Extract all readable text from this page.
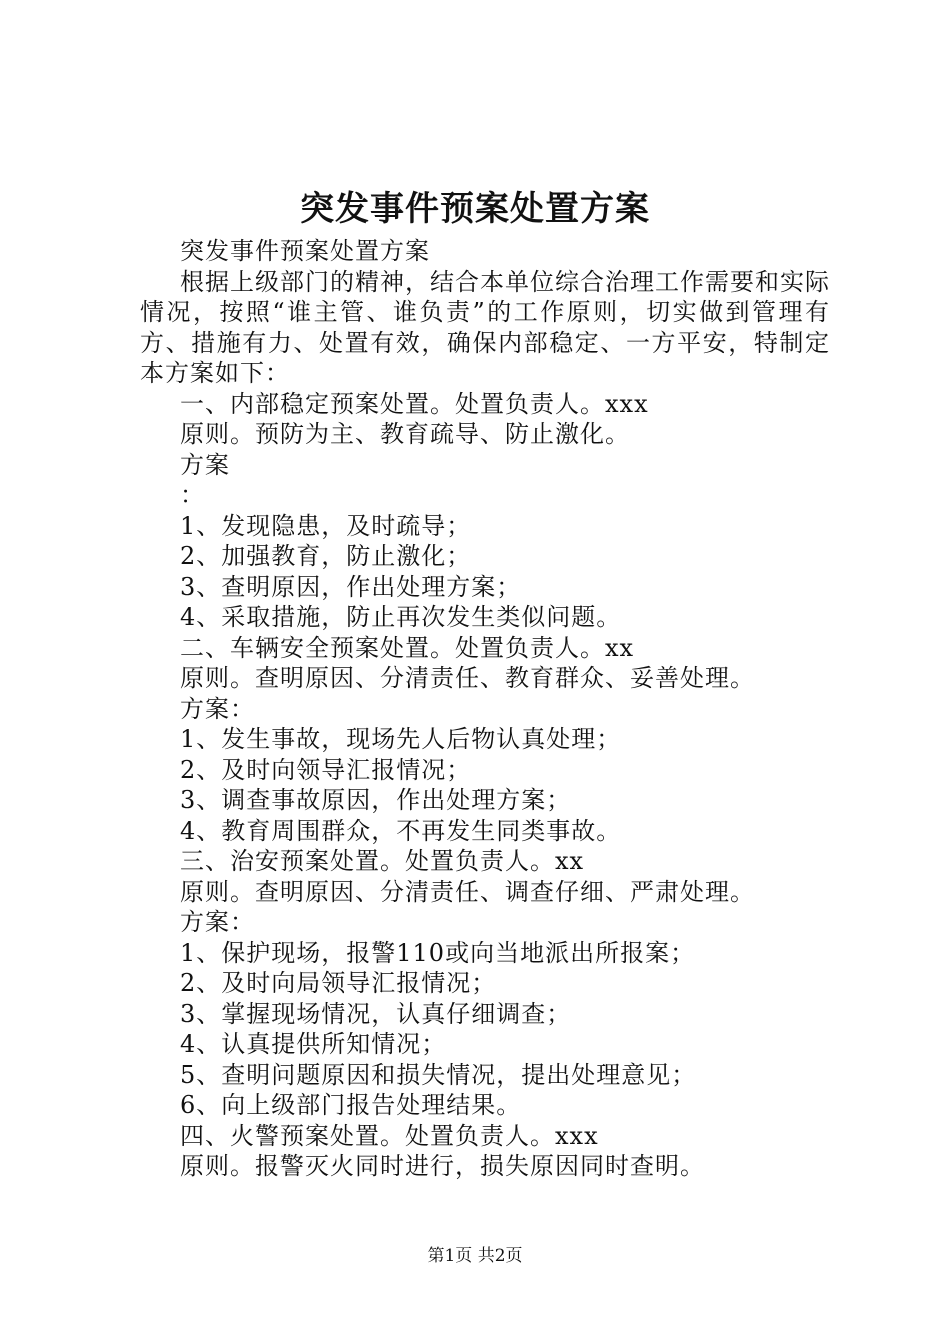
突发事件预案处置方案
突发事件预案处置方案
根据上级部门的精神，结合本单位综合治理工作需要和实际情况，按照“谁主管、谁负责”的工作原则，切实做到管理有方、措施有力、处置有效，确保内部稳定、一方平安，特制定本方案如下：
一、内部稳定预案处置。处置负责人。xxx
原则。预防为主、教育疏导、防止激化。
方案
：
1、发现隐患，及时疏导；
2、加强教育，防止激化；
3、查明原因，作出处理方案；
4、采取措施，防止再次发生类似问题。
二、车辆安全预案处置。处置负责人。xx
原则。查明原因、分清责任、教育群众、妥善处理。
方案：
1、发生事故，现场先人后物认真处理；
2、及时向领导汇报情况；
3、调查事故原因，作出处理方案；
4、教育周围群众，不再发生同类事故。
三、治安预案处置。处置负责人。xx
原则。查明原因、分清责任、调查仔细、严肃处理。
方案：
1、保护现场，报警110或向当地派出所报案；
2、及时向局领导汇报情况；
3、掌握现场情况，认真仔细调查；
4、认真提供所知情况；
5、查明问题原因和损失情况，提出处理意见；
6、向上级部门报告处理结果。
四、火警预案处置。处置负责人。xxx
原则。报警灭火同时进行，损失原因同时查明。
第1页 共2页
